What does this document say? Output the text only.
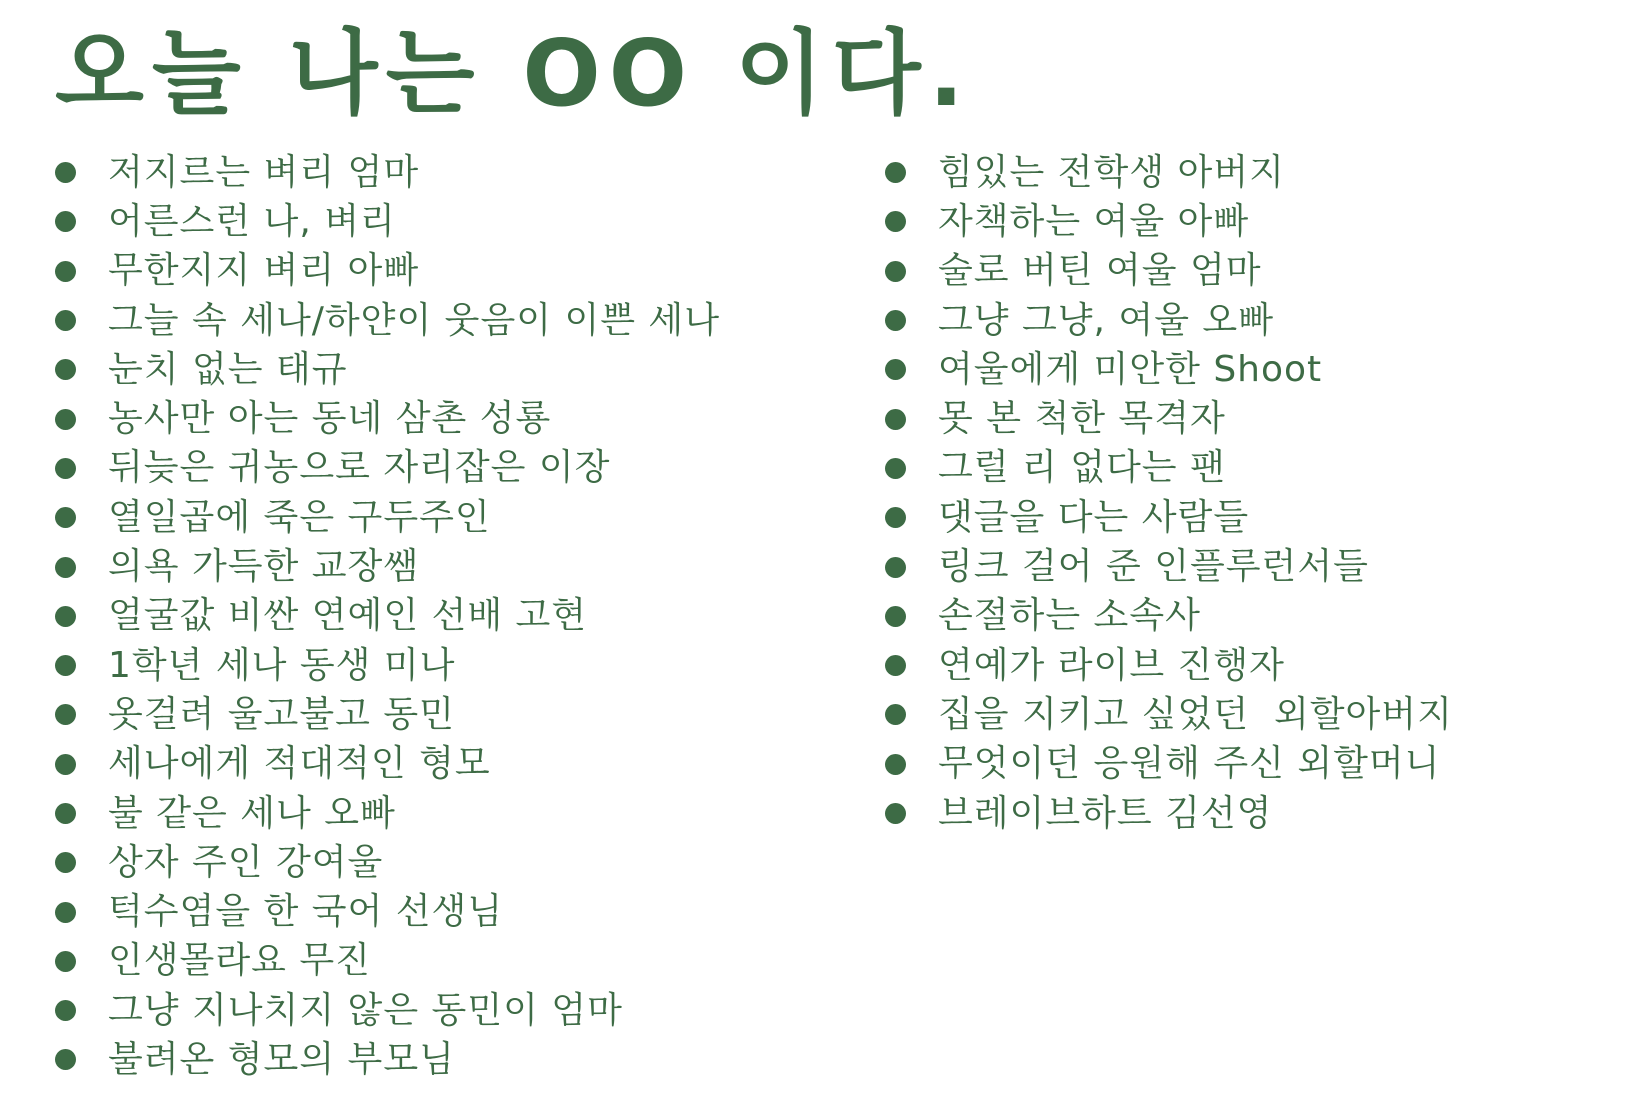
오늘 나는 OO 이다.
저지르는 벼리 엄마
어른스런 나, 벼리
무한지지 벼리 아빠
그늘 속 세나/하얀이 웃음이 이쁜 세나
눈치 없는 태규
농사만 아는 동네 삼촌 성룡
뒤늦은 귀농으로 자리잡은 이장
열일곱에 죽은 구두주인
의욕 가득한 교장쌤
얼굴값 비싼 연예인 선배 고현
1학년 세나 동생 미나
옷걸려 울고불고 동민
세나에게 적대적인 형모
불 같은 세나 오빠
상자 주인 강여울
턱수염을 한 국어 선생님
인생몰라요 무진
그냥 지나치지 않은 동민이 엄마
불려온 형모의 부모님
힘있는 전학생 아버지
자책하는 여울 아빠
술로 버틴 여울 엄마
그냥 그냥, 여울 오빠
여울에게 미안한 Shoot
못 본 척한 목격자
그럴 리 없다는 팬
댓글을 다는 사람들
링크 걸어 준 인플루런서들
손절하는 소속사
연예가 라이브 진행자
집을 지키고 싶었던  외할아버지
무엇이던 응원해 주신 외할머니
브레이브하트 김선영
